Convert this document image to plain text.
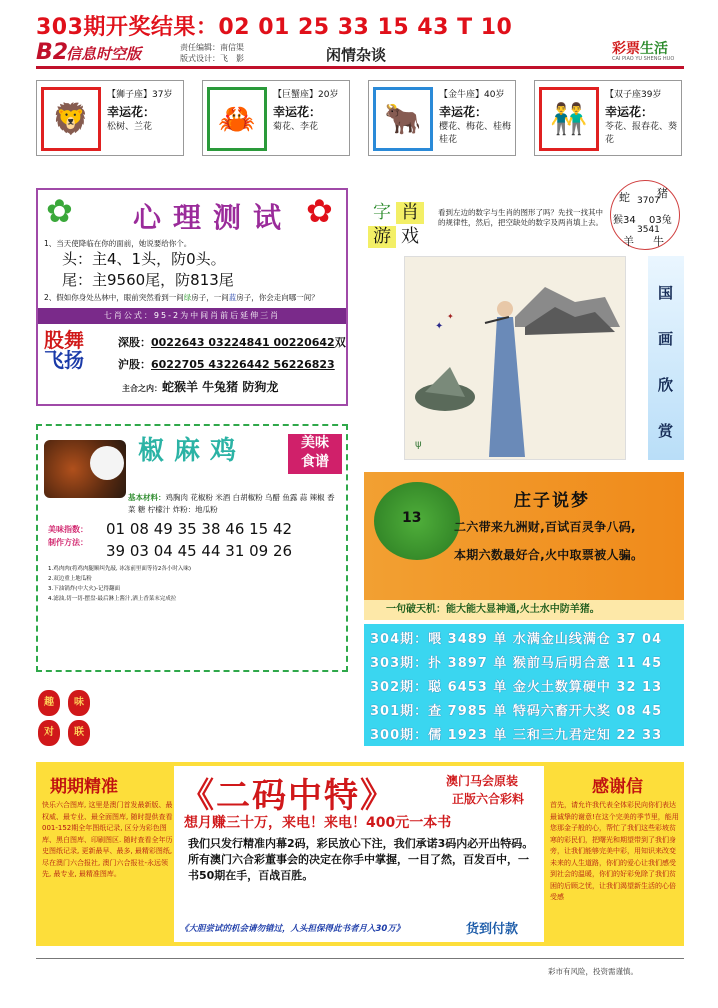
303期开奖结果：02 01 25 33 15 43 T 10
B2
信息时空版	责任编辑：南信渠
版式设计：飞　影	闲情杂谈	彩票生活
CAI PIAO YU SHENG HUO
🦁
【狮子座】37岁
幸运花：
松树、兰花	🦀
【巨蟹座】20岁
幸运花：
菊花、李花	🐂
【金牛座】40岁
幸运花：
樱花、梅花、桂梅桂花
👬
【双子座39岁
幸运花：
苓花、报春花、葵花
✿	✿
心理测试
1、当天使降临在你的面前，她说要给你个。
头：主4、1头，防0头。
尾：主9560尾，防813尾
2、假如你身处丛林中，眼前突然看到一间绿房子，一间蓝房子，你会走向哪一间？
七肖公式：95-2为中间肖前后延伸三肖
股舞
飞扬
深股：0022643 03224841 00220642双
沪股：6022705 43226442 56226823
主合之内：蛇猴羊 牛兔猪 防狗龙
字 肖
游 戏
看到左边的数字与生肖的图形了吗？先找一找其中的规律性，然后，把空缺处的数字及两肖填上去。
蛇 猪
3707
猴34 03兔
3541
羊 牛
✦
✦
ψ
国
画
欣
赏
椒麻鸡	美味
食谱
基本材料：鸡胸肉 花椒粉 米酒 白胡椒粉 乌醋 鱼露 蒜 辣椒 香菜 糖 柠檬汁 炸粉：地瓜粉
美味指数：
制作方法：
01 08 49 35 38 46 15 42
39 03 04 45 44 31 09 26
1.鸡肉肉(将鸡肉腿顺纠先敲, 冰冻前里面等待2各小时入味)
2.双边重上地瓜粉
3.下油锅炸(中大火)-记得翻面
4.滤油,切一切-摆盘-最后淋上酱汁,洒上香菜末完成拉
趣	味
对	联
13
庄子说梦
二六带来九洲财,百试百灵争八码,
本期六数最好合,火中取票被人骗。
一句破天机：能大能大显神通,火土水中防羊猪。
304期：喂 3489 单 水满金山线满仓 37 04
303期：扑 3897 单 猴前马后明合意 11 45
302期：聪 6453 单 金火土数算硬中 32 13
301期：查 7985 单 特码六畜开大奖 08 45
300期：儒 1923 单 三和三九君定知 22 33
期期精准
快乐六合图库, 这里是澳门首发最新版、最权威、最专业、最全面图库, 随时提供查看001-152期全年图纸记录, 区分为彩色图库、黑白图库、印刷图区. 随时查看全年历史图纸记录, 更新最早、最多, 最精彩图纸, 尽在澳门六合报社, 澳门六合报社-永远领先, 最专业, 最精准图库。
《二码中特》	澳门马会原装
正版六合彩料
想月赚三十万，来电！来电！400元一本书
我们只发行精准内幕2码，彩民放心下注，我们承诺3码内必开出特码。所有澳门六合彩董事会的决定在你手中掌握，一目了然，百发百中，一书50期在手，百战百胜。
《大胆尝试的机会请勿错过，人头担保得此书者月入30万》	货到付款
感谢信
首先，请允许我代表全体彩民向你们表达最诚挚的谢意!在这个完美的季节里，能用您那金子般的心，帮忙了我们这些彩坡贫寒的彩民们，把曙光和期望带到了我们身旁，让我们能够完美中彩，用知识来改变未来的人生道路，你们的爱心让我们感受到社会的温暖，你们的好彩免除了我们贫困的后顾之忧，让我们渴望新生活的心倍受感
彩市有风险，投资需谨慎。
